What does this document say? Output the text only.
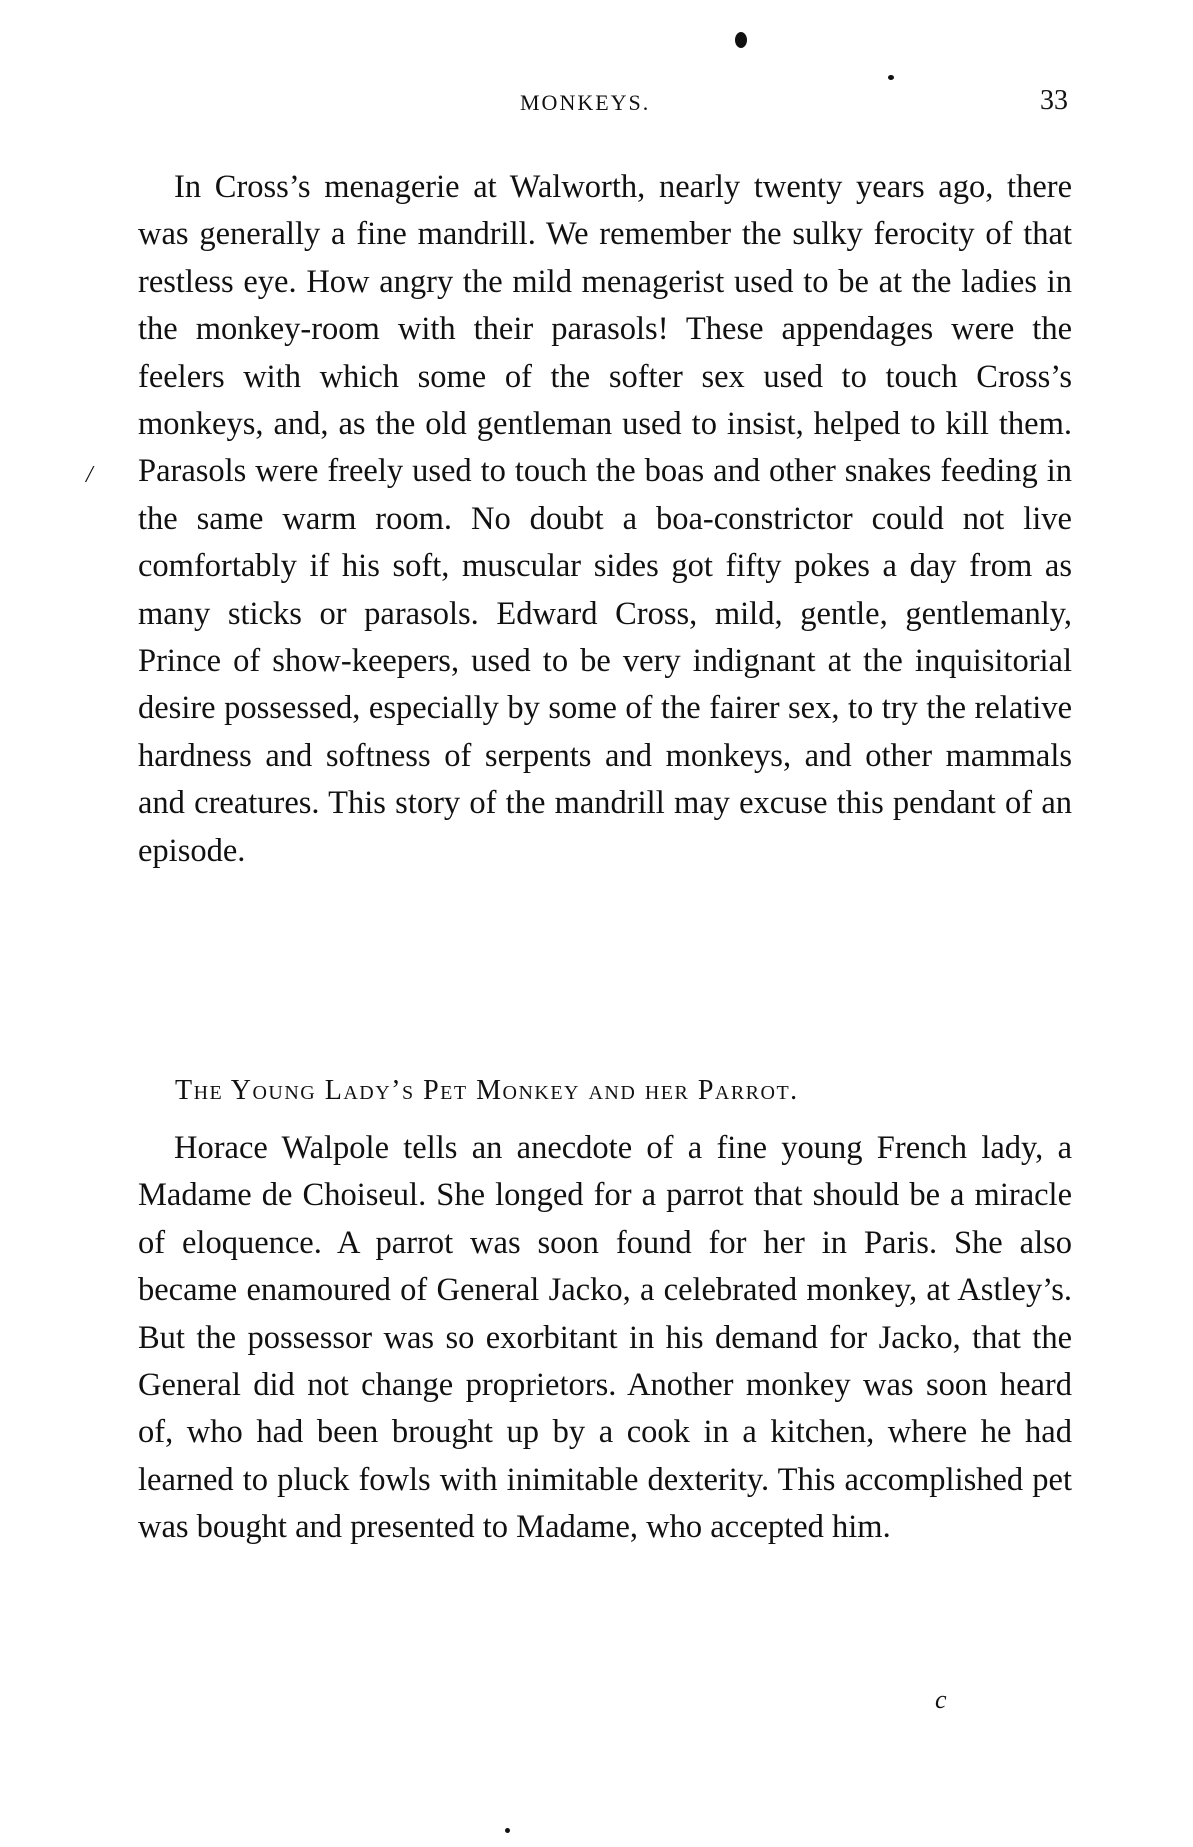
MONKEYS.	33
/

In Cross’s menagerie at Walworth, nearly twenty years ago, there was generally a fine mandrill. We remember the sulky ferocity of that restless eye. How angry the mild menagerist used to be at the ladies in the monkey-room with their parasols! These appendages were the feelers with which some of the softer sex used to touch Cross’s monkeys, and, as the old gentleman used to insist, helped to kill them. Parasols were freely used to touch the boas and other snakes feeding in the same warm room. No doubt a boa-constrictor could not live comfortably if his soft, muscular sides got fifty pokes a day from as many sticks or parasols. Edward Cross, mild, gentle, gentlemanly, Prince of show-keepers, used to be very indignant at the inquisitorial desire possessed, especially by some of the fairer sex, to try the relative hardness and softness of serpents and monkeys, and other mammals and creatures. This story of the mandrill may excuse this pendant of an episode.

The Young Lady’s Pet Monkey and her Parrot.

Horace Walpole tells an anecdote of a fine young French lady, a Madame de Choiseul. She longed for a parrot that should be a miracle of eloquence. A parrot was soon found for her in Paris. She also became enamoured of General Jacko, a celebrated monkey, at Astley’s. But the possessor was so exorbitant in his demand for Jacko, that the General did not change proprietors. Another monkey was soon heard of, who had been brought up by a cook in a kitchen, where he had learned to pluck fowls with inimitable dexterity. This accomplished pet was bought and presented to Madame, who accepted him.

c
